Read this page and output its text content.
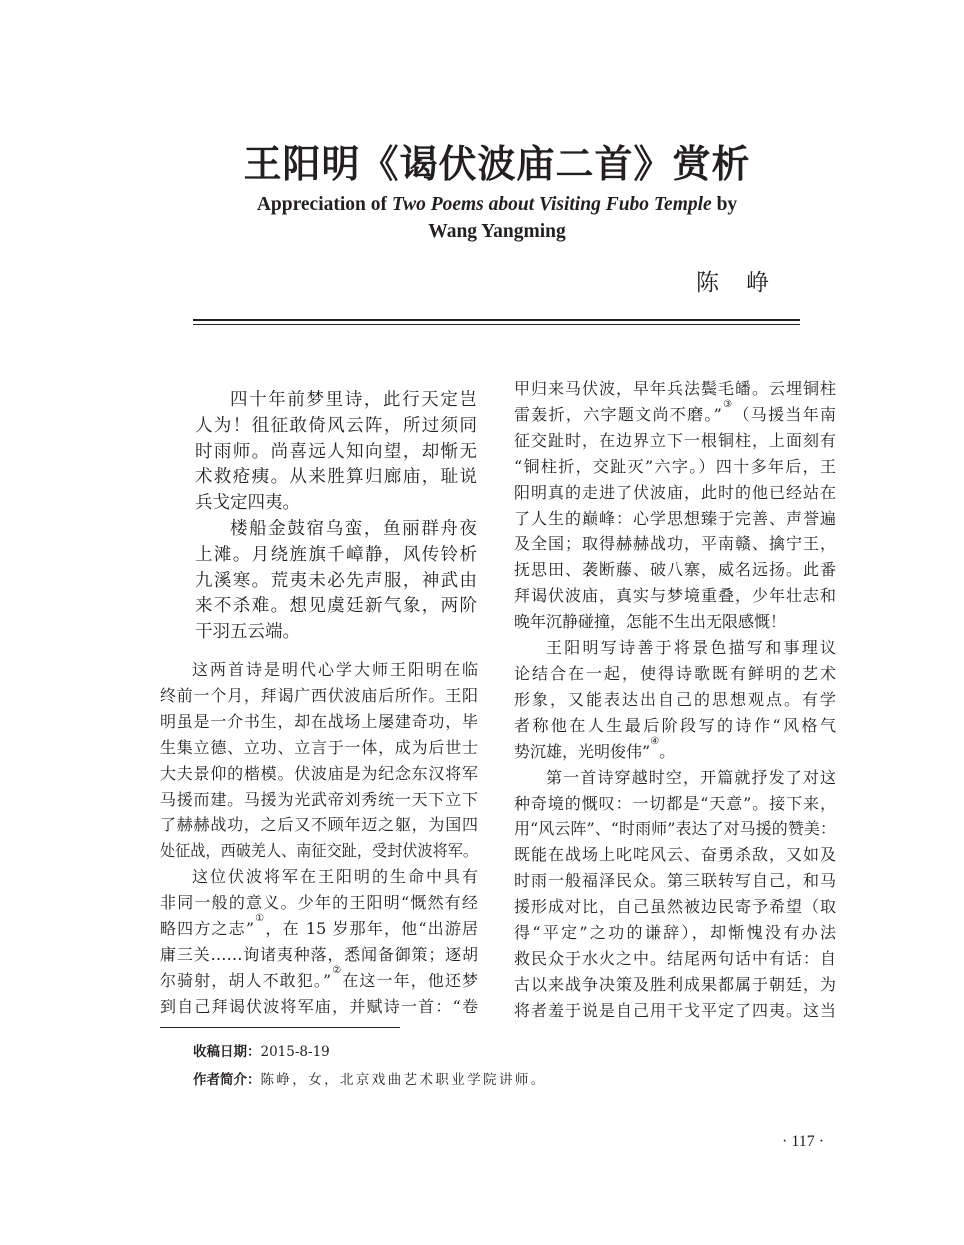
王阳明《谒伏波庙二首》赏析
Appreciation of Two Poems about Visiting Fubo Temple by
Wang Yangming
陈 峥
四十年前梦里诗，此行天定岂
人为！徂征敢倚风云阵，所过须同
时雨师。尚喜远人知向望，却惭无
术救疮痍。从来胜算归廊庙，耻说
兵戈定四夷。
楼船金鼓宿乌蛮，鱼丽群舟夜
上滩。月绕旌旗千嶂静，风传铃析
九溪寒。荒夷未必先声服，神武由
来不杀难。想见虞廷新气象，两阶
干羽五云端。
这两首诗是明代心学大师王阳明在临
终前一个月，拜谒广西伏波庙后所作。王阳
明虽是一介书生，却在战场上屡建奇功，毕
生集立德、立功、立言于一体，成为后世士
大夫景仰的楷模。伏波庙是为纪念东汉将军
马援而建。马援为光武帝刘秀统一天下立下
了赫赫战功，之后又不顾年迈之躯，为国四
处征战，西破羌人、南征交趾，受封伏波将军。
这位伏波将军在王阳明的生命中具有
非同一般的意义。少年的王阳明“慨然有经
略四方之志”①，在 15 岁那年，他“出游居
庸三关……询诸夷种落，悉闻备御策；逐胡
尔骑射，胡人不敢犯。”②在这一年，他还梦
到自己拜谒伏波将军庙，并赋诗一首：“卷
甲归来马伏波，早年兵法鬓毛皤。云埋铜柱
雷轰折，六字题文尚不磨。”③（马援当年南
征交趾时，在边界立下一根铜柱，上面刻有
“铜柱折，交趾灭”六字。）四十多年后，王
阳明真的走进了伏波庙，此时的他已经站在
了人生的巅峰：心学思想臻于完善、声誉遍
及全国；取得赫赫战功，平南赣、擒宁王，
抚思田、袭断藤、破八寨，威名远扬。此番
拜谒伏波庙，真实与梦境重叠，少年壮志和
晚年沉静碰撞，怎能不生出无限感慨！
王阳明写诗善于将景色描写和事理议
论结合在一起，使得诗歌既有鲜明的艺术
形象，又能表达出自己的思想观点。有学
者称他在人生最后阶段写的诗作“风格气
势沉雄，光明俊伟”④。
第一首诗穿越时空，开篇就抒发了对这
种奇境的慨叹：一切都是“天意”。接下来，
用“风云阵”、“时雨师”表达了对马援的赞美：
既能在战场上叱咤风云、奋勇杀敌，又如及
时雨一般福泽民众。第三联转写自己，和马
援形成对比，自己虽然被边民寄予希望（取
得“平定”之功的谦辞），却惭愧没有办法
救民众于水火之中。结尾两句话中有话：自
古以来战争决策及胜利成果都属于朝廷，为
将者羞于说是自己用干戈平定了四夷。这当
收稿日期：2015-8-19
作者简介：陈峥，女，北京戏曲艺术职业学院讲师。
· 117 ·
